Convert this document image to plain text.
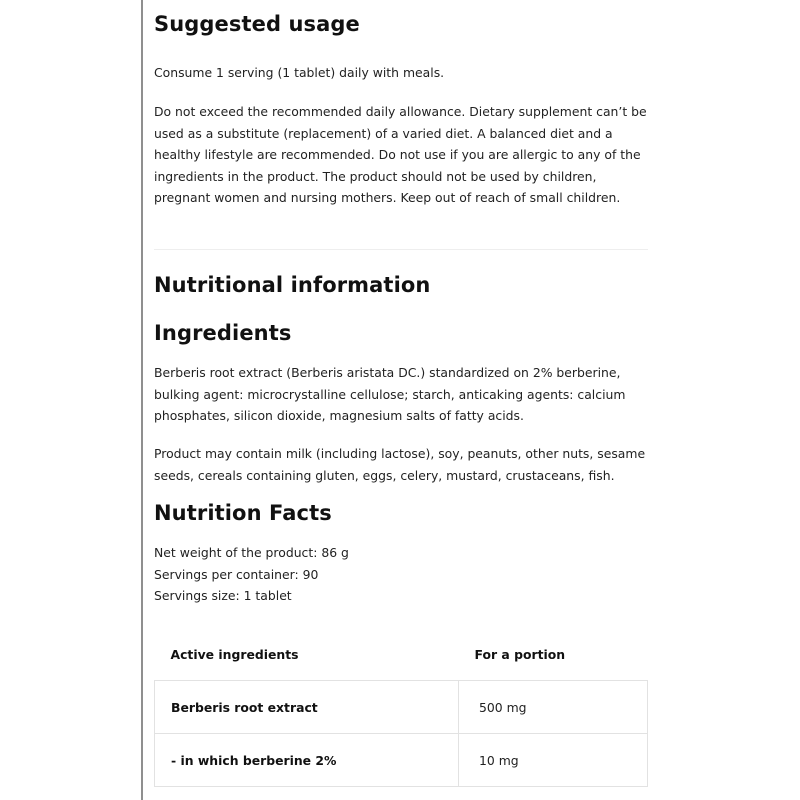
Suggested usage

Consume 1 serving (1 tablet) daily with meals.

Do not exceed the recommended daily allowance. Dietary supplement can’t be used as a substitute (replacement) of a varied diet. A balanced diet and a healthy lifestyle are recommended. Do not use if you are allergic to any of the ingredients in the product. The product should not be used by children, pregnant women and nursing mothers. Keep out of reach of small children.

Nutritional information
Ingredients

Berberis root extract (Berberis aristata DC.) standardized on 2% berberine, bulking agent: microcrystalline cellulose; starch, anticaking agents: calcium phosphates, silicon dioxide, magnesium salts of fatty acids.

Product may contain milk (including lactose), soy, peanuts, other nuts, sesame seeds, cereals containing gluten, eggs, celery, mustard, crustaceans, fish.

Nutrition Facts
Net weight of the product: 86 g
Servings per container: 90
Servings size: 1 tablet
Active ingredients	For a portion
Berberis root extract	500 mg
- in which berberine 2%	10 mg
